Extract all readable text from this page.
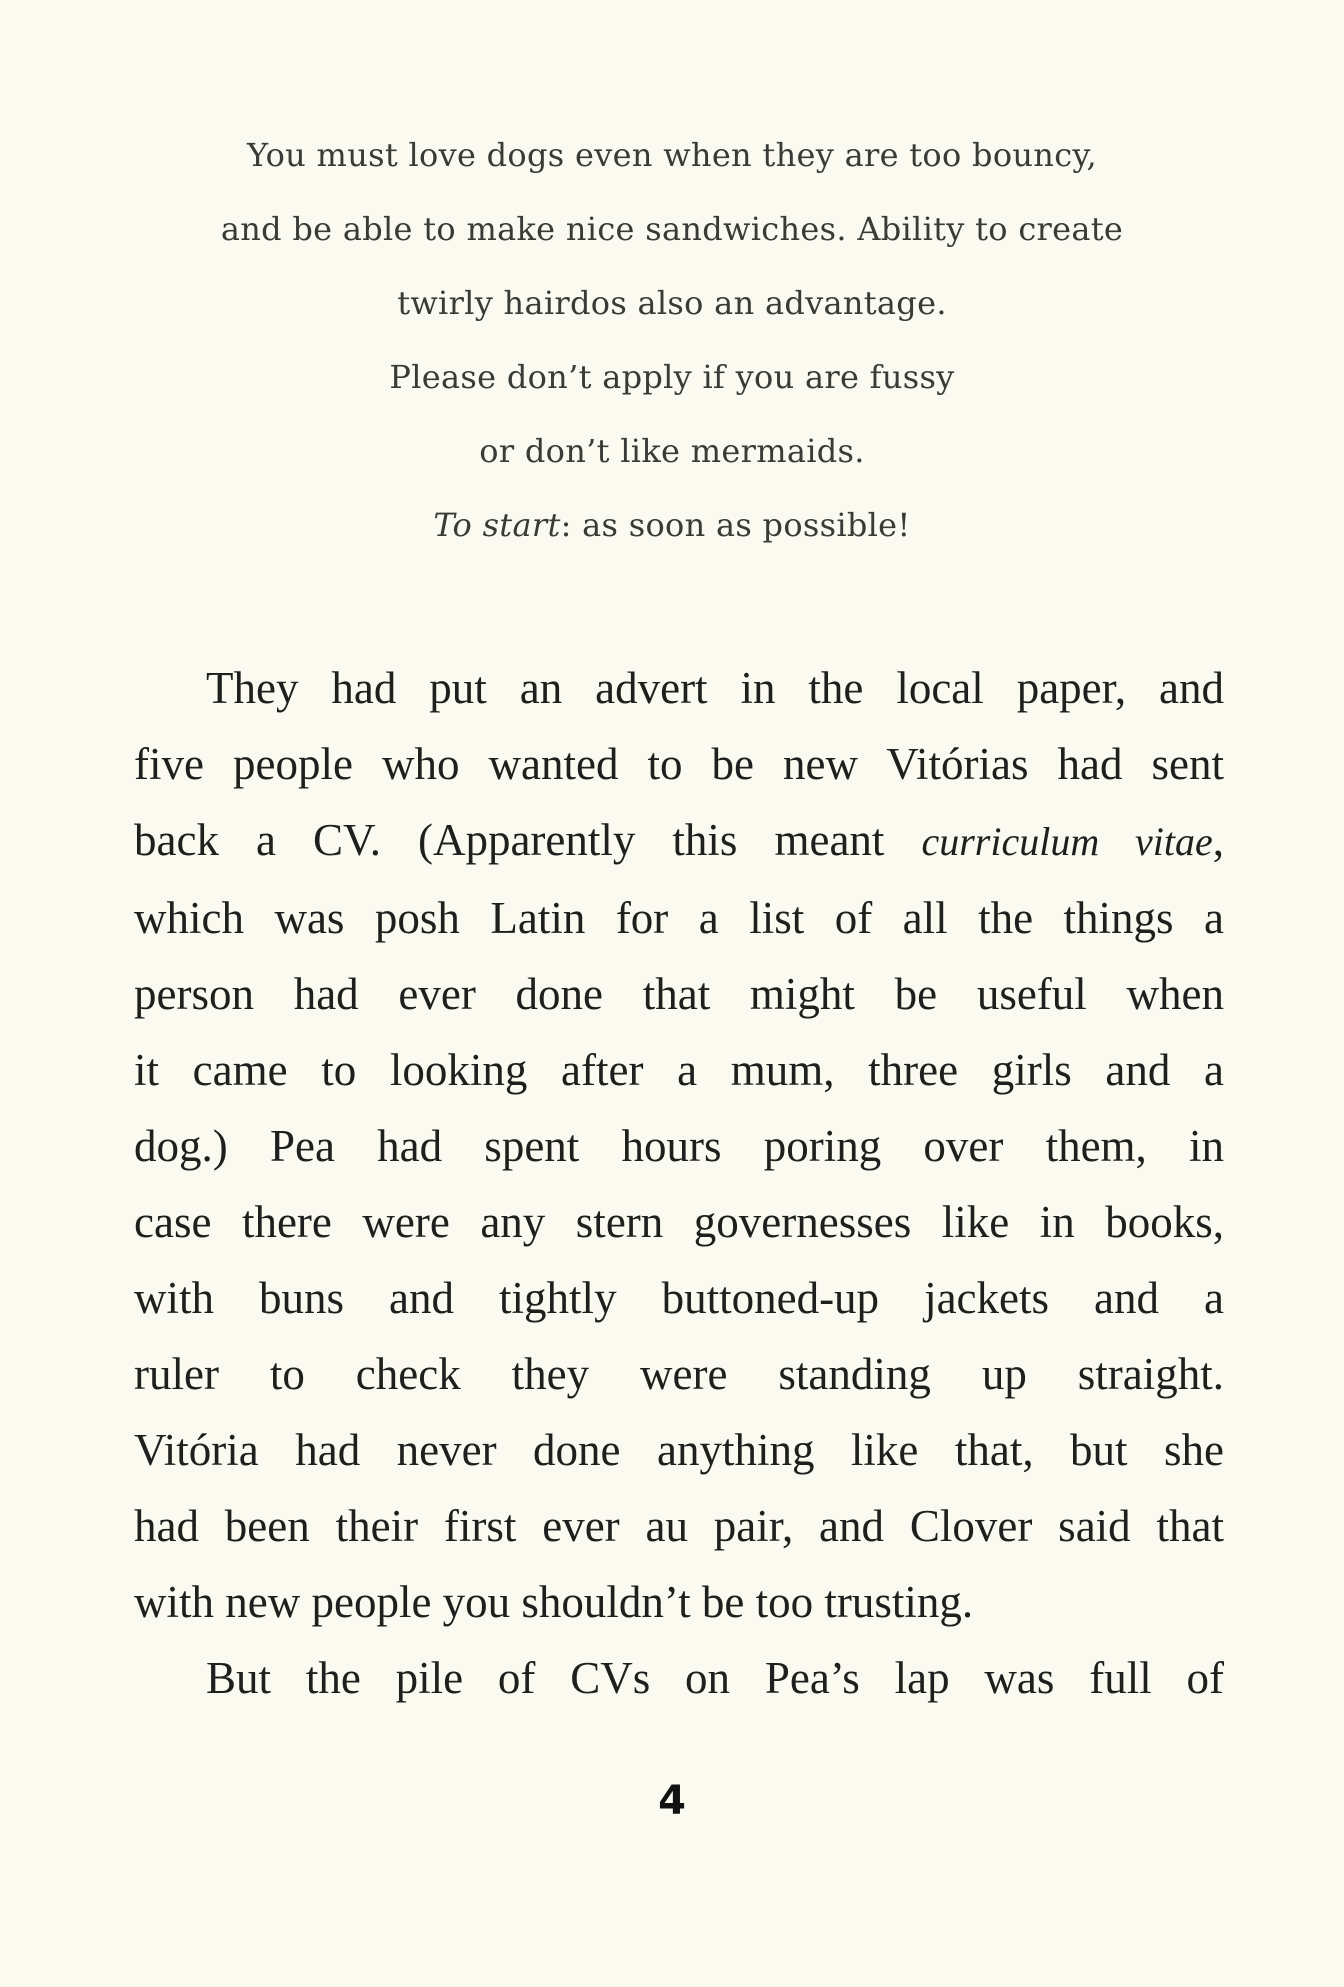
You must love dogs even when they are too bouncy,
and be able to make nice sandwiches. Ability to create
twirly hairdos also an advantage.
Please don’t apply if you are fussy
or don’t like mermaids.
To start: as soon as possible!
They had put an advert in the local paper, and
five people who wanted to be new Vitórias had sent
back a CV. (Apparently this meant curriculum vitae,
which was posh Latin for a list of all the things a
person had ever done that might be useful when
it came to looking after a mum, three girls and a
dog.) Pea had spent hours poring over them, in
case there were any stern governesses like in books,
with buns and tightly buttoned-up jackets and a
ruler to check they were standing up straight.
Vitória had never done anything like that, but she
had been their first ever au pair, and Clover said that
with new people you shouldn’t be too trusting.
But the pile of CVs on Pea’s lap was full of
4
